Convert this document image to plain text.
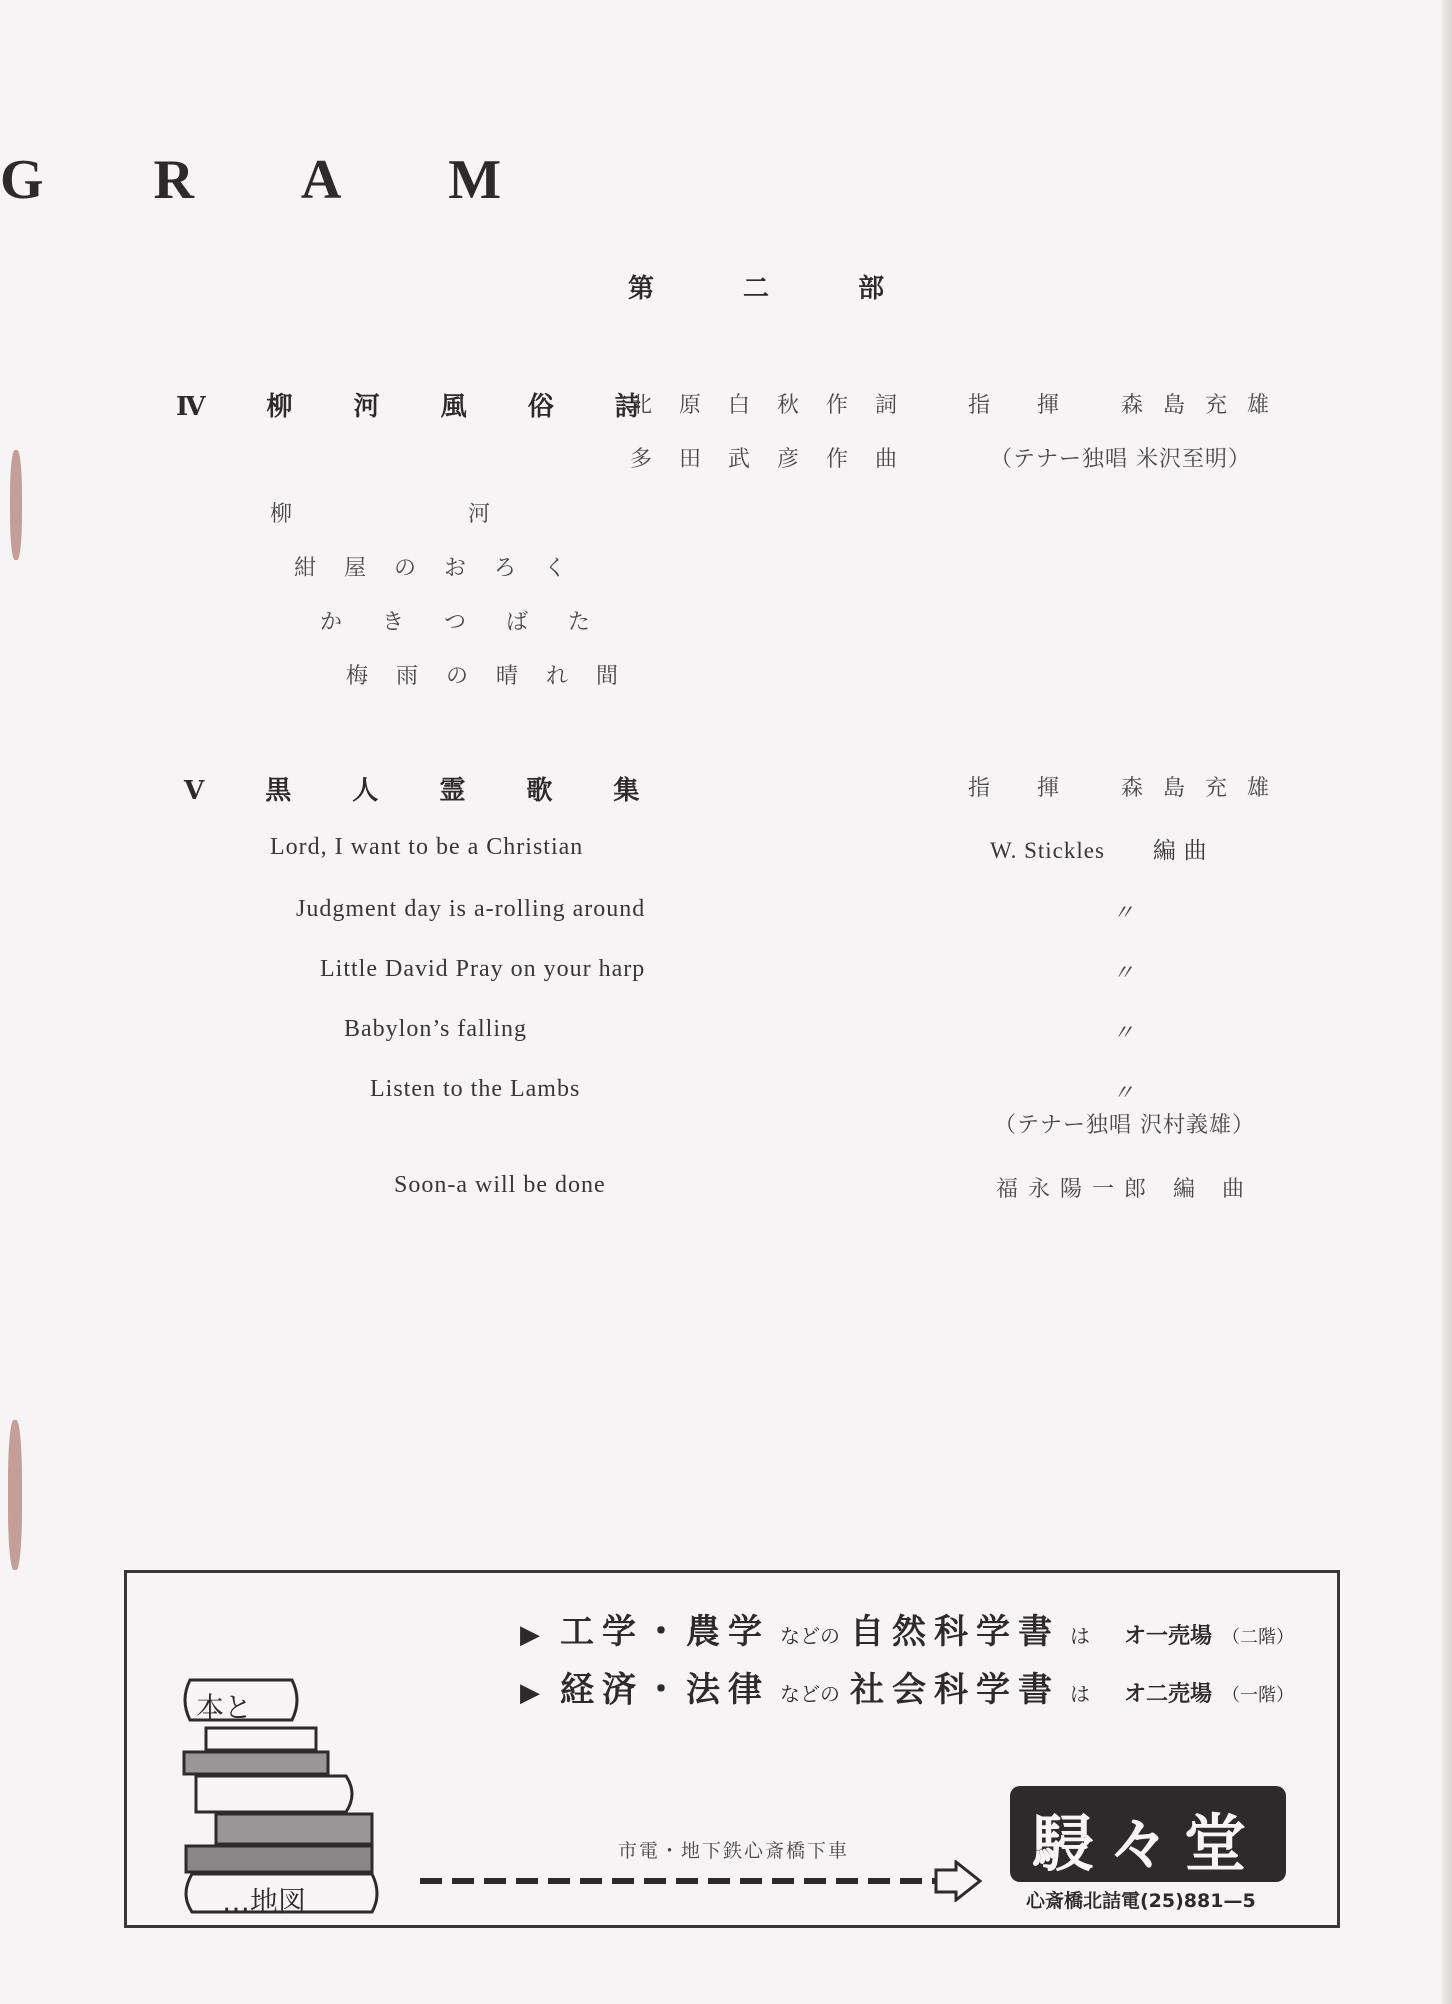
G R A M
第 二 部
Ⅳ 柳 河 風 俗 詩
北原白秋作詞
多田武彦作曲
指 揮　森島充雄
（テナー独唱 米沢至明）
柳　　河
紺屋のおろく
かきつばた
梅雨の晴れ間
Ⅴ 黒 人 霊 歌 集	指 揮　森島充雄
Lord, I want to be a Christian	W. Stickles　　編 曲
Judgment day is a-rolling around	〃
Little David Pray on your harp	〃
Babylon’s falling	〃
Listen to the Lambs	〃
（テナー独唱 沢村義雄）
Soon-a will be done	福永陽一郎 編 曲
▶ 工学・農学 などの 自然科学書 は オ一売場 （二階）
▶ 経済・法律 などの 社会科学書 は オ二売場 （一階）
本と
…地図
市電・地下鉄心斎橋下車	駸々堂
心斎橋北詰電(25)881—5
